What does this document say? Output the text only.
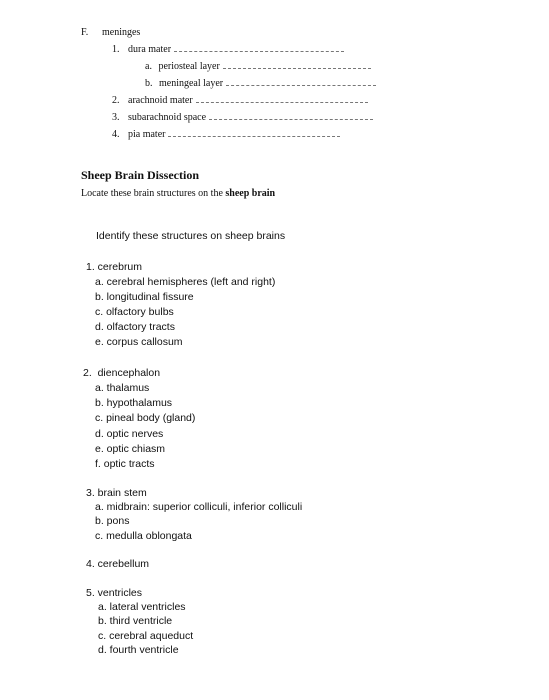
F. meninges
1. dura mater
a. periosteal layer
b. meningeal layer
2. arachnoid mater
3. subarachnoid space
4. pia mater
Sheep Brain Dissection
Locate these brain structures on the sheep brain
Identify these structures on sheep brains
1. cerebrum
a. cerebral hemispheres (left and right)
b. longitudinal fissure
c. olfactory bulbs
d. olfactory tracts
e. corpus callosum
2.  diencephalon
a. thalamus
b. hypothalamus
c. pineal body (gland)
d. optic nerves
e. optic chiasm
f. optic tracts
3. brain stem
a. midbrain: superior colliculi, inferior colliculi
b. pons
c. medulla oblongata
4. cerebellum
5. ventricles
a. lateral ventricles
b. third ventricle
c. cerebral aqueduct
d. fourth ventricle
